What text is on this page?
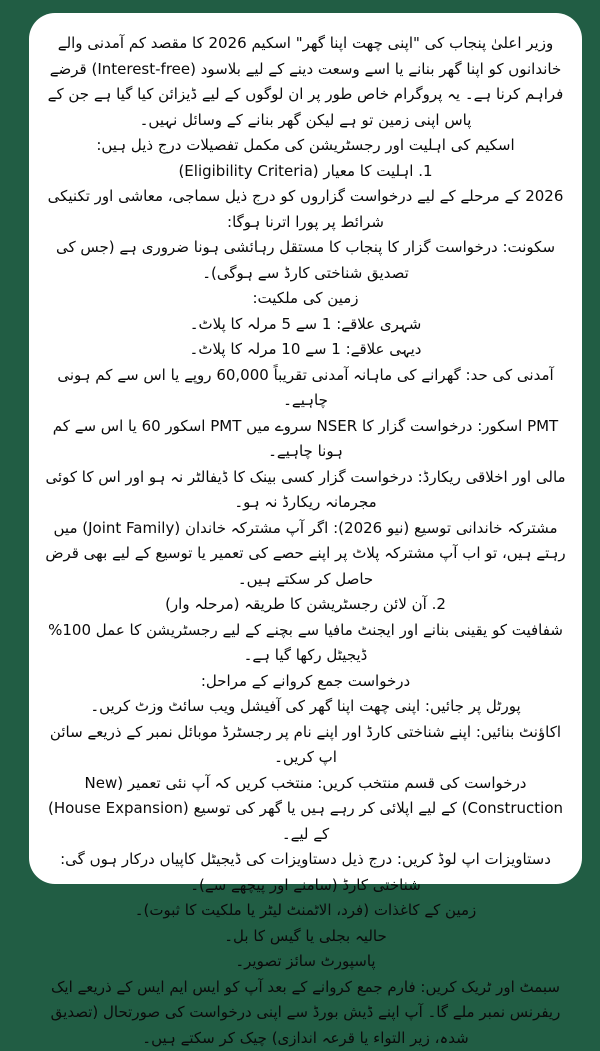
وزیر اعلیٰ پنجاب کی "اپنی چھت اپنا گھر" اسکیم 2026 کا مقصد کم آمدنی والے خاندانوں کو اپنا گھر بنانے یا اسے وسعت دینے کے لیے بلاسود (Interest-free) قرضے فراہم کرنا ہے۔ یہ پروگرام خاص طور پر ان لوگوں کے لیے ڈیزائن کیا گیا ہے جن کے پاس اپنی زمین تو ہے لیکن گھر بنانے کے وسائل نہیں۔

اسکیم کی اہلیت اور رجسٹریشن کی مکمل تفصیلات درج ذیل ہیں:

1. اہلیت کا معیار (Eligibility Criteria)

2026 کے مرحلے کے لیے درخواست گزاروں کو درج ذیل سماجی، معاشی اور تکنیکی شرائط پر پورا اترنا ہوگا:

سکونت: درخواست گزار کا پنجاب کا مستقل رہائشی ہونا ضروری ہے (جس کی تصدیق شناختی کارڈ سے ہوگی)۔

زمین کی ملکیت:

شہری علاقے: 1 سے 5 مرلہ کا پلاٹ۔

دیہی علاقے: 1 سے 10 مرلہ کا پلاٹ۔

آمدنی کی حد: گھرانے کی ماہانہ آمدنی تقریباً 60,000 روپے یا اس سے کم ہونی چاہیے۔

PMT اسکور: درخواست گزار کا NSER سروے میں PMT اسکور 60 یا اس سے کم ہونا چاہیے۔

مالی اور اخلاقی ریکارڈ: درخواست گزار کسی بینک کا ڈیفالٹر نہ ہو اور اس کا کوئی مجرمانہ ریکارڈ نہ ہو۔

مشترکہ خاندانی توسیع (نیو 2026): اگر آپ مشترکہ خاندان (Joint Family) میں رہتے ہیں، تو اب آپ مشترکہ پلاٹ پر اپنے حصے کی تعمیر یا توسیع کے لیے بھی قرض حاصل کر سکتے ہیں۔

2. آن لائن رجسٹریشن کا طریقہ (مرحلہ وار)

شفافیت کو یقینی بنانے اور ایجنٹ مافیا سے بچنے کے لیے رجسٹریشن کا عمل 100% ڈیجیٹل رکھا گیا ہے۔

درخواست جمع کروانے کے مراحل:

پورٹل پر جائیں: اپنی چھت اپنا گھر کی آفیشل ویب سائٹ وزٹ کریں۔

اکاؤنٹ بنائیں: اپنے شناختی کارڈ اور اپنے نام پر رجسٹرڈ موبائل نمبر کے ذریعے سائن اپ کریں۔

درخواست کی قسم منتخب کریں: منتخب کریں کہ آپ نئی تعمیر (New Construction) کے لیے اپلائی کر رہے ہیں یا گھر کی توسیع (House Expansion) کے لیے۔

دستاویزات اپ لوڈ کریں: درج ذیل دستاویزات کی ڈیجیٹل کاپیاں درکار ہوں گی:

شناختی کارڈ (سامنے اور پیچھے سے)۔

زمین کے کاغذات (فرد، الاٹمنٹ لیٹر یا ملکیت کا ثبوت)۔

حالیہ بجلی یا گیس کا بل۔

پاسپورٹ سائز تصویر۔

سبمٹ اور ٹریک کریں: فارم جمع کروانے کے بعد آپ کو ایس ایم ایس کے ذریعے ایک ریفرنس نمبر ملے گا۔ آپ اپنے ڈیش بورڈ سے اپنی درخواست کی صورتحال (تصدیق شدہ، زیر التواء یا قرعہ اندازی) چیک کر سکتے ہیں۔
